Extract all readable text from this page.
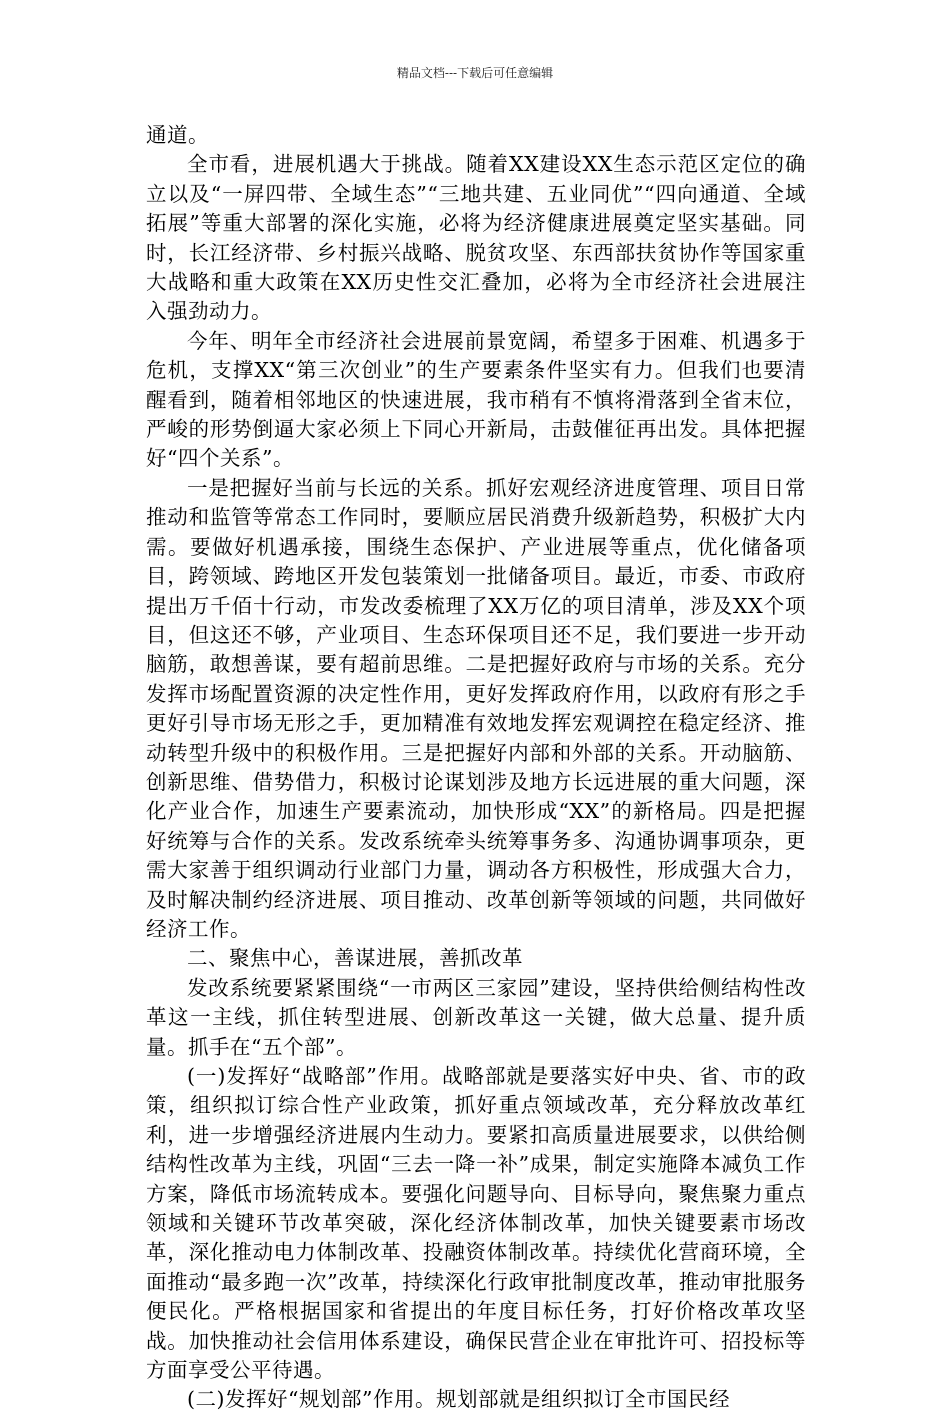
精品文档---下载后可任意编辑

通道。

全市看，进展机遇大于挑战。随着XX建设XX生态示范区定位的确立以及“一屏四带、全域生态”“三地共建、五业同优”“四向通道、全域拓展”等重大部署的深化实施，必将为经济健康进展奠定坚实基础。同时，长江经济带、乡村振兴战略、脱贫攻坚、东西部扶贫协作等国家重大战略和重大政策在XX历史性交汇叠加，必将为全市经济社会进展注入强劲动力。

今年、明年全市经济社会进展前景宽阔，希望多于困难、机遇多于危机，支撑XX“第三次创业”的生产要素条件坚实有力。但我们也要清醒看到，随着相邻地区的快速进展，我市稍有不慎将滑落到全省末位，严峻的形势倒逼大家必须上下同心开新局，击鼓催征再出发。具体把握好“四个关系”。

一是把握好当前与长远的关系。抓好宏观经济进度管理、项目日常推动和监管等常态工作同时，要顺应居民消费升级新趋势，积极扩大内需。要做好机遇承接，围绕生态保护、产业进展等重点，优化储备项目，跨领域、跨地区开发包装策划一批储备项目。最近，市委、市政府提出万千佰十行动，市发改委梳理了XX万亿的项目清单，涉及XX个项目，但这还不够，产业项目、生态环保项目还不足，我们要进一步开动脑筋，敢想善谋，要有超前思维。二是把握好政府与市场的关系。充分发挥市场配置资源的决定性作用，更好发挥政府作用，以政府有形之手更好引导市场无形之手，更加精准有效地发挥宏观调控在稳定经济、推动转型升级中的积极作用。三是把握好内部和外部的关系。开动脑筋、创新思维、借势借力，积极讨论谋划涉及地方长远进展的重大问题，深化产业合作，加速生产要素流动，加快形成“XX”的新格局。四是把握好统筹与合作的关系。发改系统牵头统筹事务多、沟通协调事项杂，更需大家善于组织调动行业部门力量，调动各方积极性，形成强大合力，及时解决制约经济进展、项目推动、改革创新等领域的问题，共同做好经济工作。

二、聚焦中心，善谋进展，善抓改革

发改系统要紧紧围绕“一市两区三家园”建设，坚持供给侧结构性改革这一主线，抓住转型进展、创新改革这一关键，做大总量、提升质量。抓手在“五个部”。

(一)发挥好“战略部”作用。战略部就是要落实好中央、省、市的政策，组织拟订综合性产业政策，抓好重点领域改革，充分释放改革红利，进一步增强经济进展内生动力。要紧扣高质量进展要求，以供给侧结构性改革为主线，巩固“三去一降一补”成果，制定实施降本减负工作方案，降低市场流转成本。要强化问题导向、目标导向，聚焦聚力重点领域和关键环节改革突破，深化经济体制改革，加快关键要素市场改革，深化推动电力体制改革、投融资体制改革。持续优化营商环境，全面推动“最多跑一次”改革，持续深化行政审批制度改革，推动审批服务便民化。严格根据国家和省提出的年度目标任务，打好价格改革攻坚战。加快推动社会信用体系建设，确保民营企业在审批许可、招投标等方面享受公平待遇。

(二)发挥好“规划部”作用。规划部就是组织拟订全市国民经
